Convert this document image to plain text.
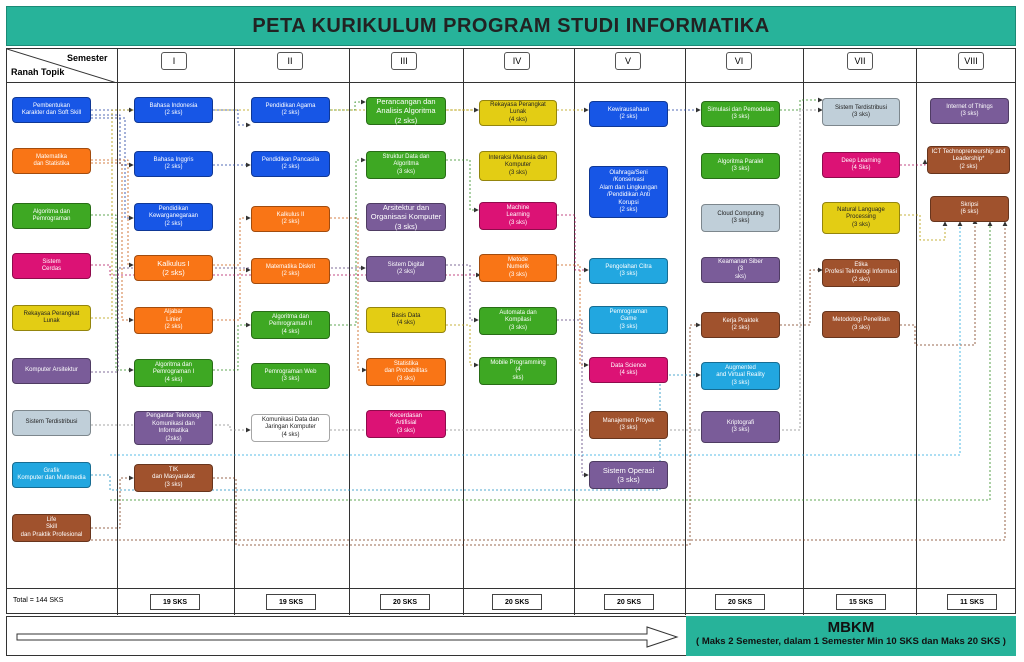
PETA KURIKULUM PROGRAM STUDI INFORMATIKA
Semester
Ranah Topik
I	II	III	IV	V	VI	VII	VIII
Total = 144 SKS	19 SKS	19 SKS	20 SKS	20 SKS	20 SKS	20 SKS	15 SKS	11 SKS
Pembentukan
Karakter dan Soft Skill
Matematika
dan Statistika
Algoritma dan
Pemrograman
Sistem
Cerdas
Rekayasa Perangkat Lunak
Komputer Arsitektur
Sistem Terdistribusi
Grafik
Komputer dan Multimedia
Life
Skill
dan Praktik Profesional
Bahasa Indonesia
(2 sks)
Bahasa Inggris
(2 sks)
Pendidikan
Kewarganegaraan
(2 sks)
Kalkulus I
(2 sks)
Aljabar
Linier
(2 sks)
Algoritma dan
Pemrograman I
(4 sks)
Pengantar Teknologi
Komunikasi dan
Informatika
(2sks)
TIK
dan Masyarakat
(3 sks)
Pendidikan Agama
(2 sks)
Pendidikan Pancasila
(2 sks)
Kalkulus II
(2 sks)
Matematika Diskrit
(2 sks)
Algoritma dan
Pemrograman II
(4 sks)
Pemrograman Web
(3 sks)
Komunikasi Data dan
Jaringan Komputer
(4 sks)
Perancangan dan
Analisis Algoritma
(2 sks)
Struktur Data dan
Algoritma
(3 sks)
Arsitektur dan
Organisasi Komputer
(3 sks)
Sistem Digital
(2 sks)
Basis Data
(4 sks)
Statistika
dan Probabilitas
(3 sks)
Kecerdasan
Artifisial
(3 sks)
Rekayasa Perangkat Lunak
(4 sks)
Interaksi Manusia dan
Komputer
(3 sks)
Machine
Learning
(3 sks)
Metode
Numerik
(3 sks)
Automata dan
Kompilasi
(3 sks)
Mobile Programming
(4
sks)
Kewirausahaan
(2 sks)
Olahraga/Seni
/Konservasi
Alam dan Lingkungan
/Pendidikan Anti
Korupsi
(2 sks)
Pengolahan Citra
(3 sks)
Pemrograman
Game
(3 sks)
Data Science
(4 sks)
Manajemen Proyek
(3 sks)
Sistem Operasi
(3 sks)
Simulasi dan Pemodelan
(3 sks)
Algoritma Paralel
(3 sks)
Cloud Computing
(3 sks)
Keamanan Siber
(3
sks)
Kerja Praktek
(2 sks)
Augmented
and Virtual Reality
(3 sks)
Kriptografi
(3 sks)
Sistem Terdistribusi
(3 sks)
Deep Learning
(4 Sks)
Natural Language
Processing
(3 sks)
Etika
Profesi Teknologi Informasi
(2 sks)
Metodologi Penelitian
(3 sks)
Internet of Things
(3 sks)
ICT Technopreneurship and
Leadership*
(2 sks)
Skripsi
(6 sks)
MBKM
( Maks 2 Semester, dalam 1 Semester Min 10 SKS dan Maks 20 SKS )
